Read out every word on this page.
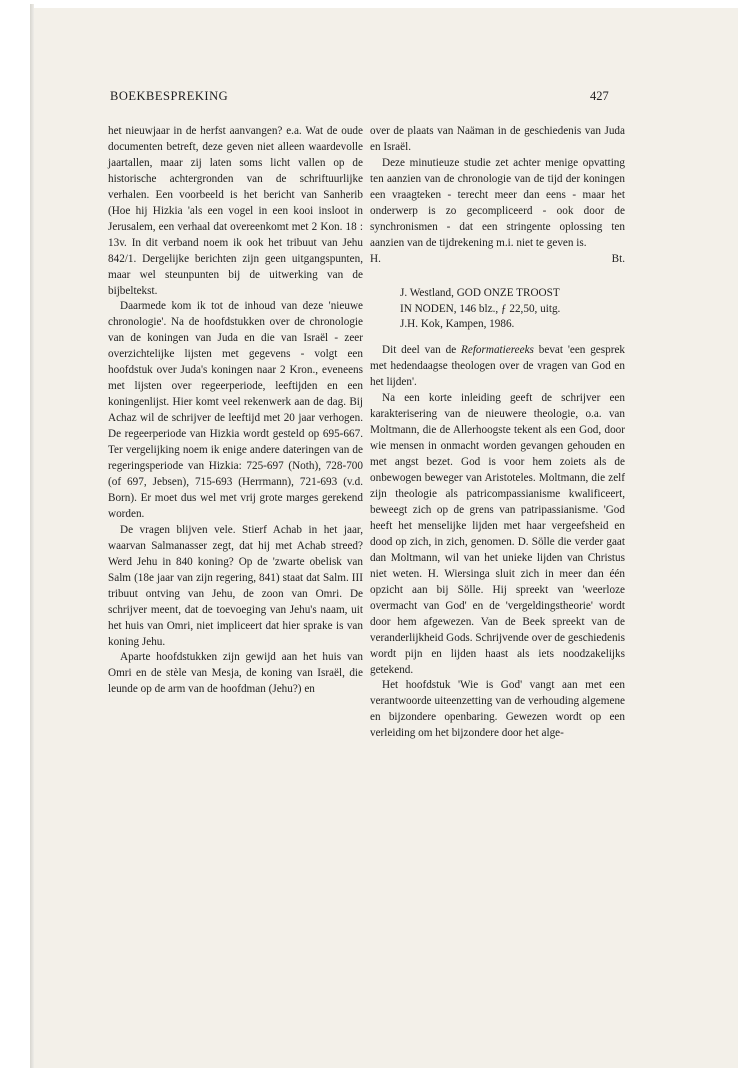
BOEKBESPREKING	427

het nieuwjaar in de herfst aanvangen? e.a. Wat de oude documenten betreft, deze geven niet alleen waardevolle jaartallen, maar zij laten soms licht vallen op de historische achtergronden van de schriftuurlijke verhalen. Een voorbeeld is het bericht van Sanherib (Hoe hij Hizkia 'als een vogel in een kooi insloot in Jerusalem, een verhaal dat overeenkomt met 2 Kon. 18 : 13v. In dit verband noem ik ook het tribuut van Jehu 842/1. Dergelijke berichten zijn geen uitgangspunten, maar wel steunpunten bij de uitwerking van de bijbeltekst.

Daarmede kom ik tot de inhoud van deze 'nieuwe chronologie'. Na de hoofdstukken over de chronologie van de koningen van Juda en die van Israël - zeer overzichtelijke lijsten met gegevens - volgt een hoofdstuk over Juda's koningen naar 2 Kron., eveneens met lijsten over regeerperiode, leeftijden en een koningenlijst. Hier komt veel rekenwerk aan de dag. Bij Achaz wil de schrijver de leeftijd met 20 jaar verhogen. De regeerperiode van Hizkia wordt gesteld op 695-667. Ter vergelijking noem ik enige andere dateringen van de regeringsperiode van Hizkia: 725-697 (Noth), 728-700 (of 697, Jebsen), 715-693 (Herrmann), 721-693 (v.d. Born). Er moet dus wel met vrij grote marges gerekend worden.

De vragen blijven vele. Stierf Achab in het jaar, waarvan Salmanasser zegt, dat hij met Achab streed? Werd Jehu in 840 koning? Op de 'zwarte obelisk van Salm (18e jaar van zijn regering, 841) staat dat Salm. III tribuut ontving van Jehu, de zoon van Omri. De schrijver meent, dat de toevoeging van Jehu's naam, uit het huis van Omri, niet impliceert dat hier sprake is van koning Jehu.

Aparte hoofdstukken zijn gewijd aan het huis van Omri en de stèle van Mesja, de koning van Israël, die leunde op de arm van de hoofdman (Jehu?) en

over de plaats van Naäman in de geschiedenis van Juda en Israël.

Deze minutieuze studie zet achter menige opvatting ten aanzien van de chronologie van de tijd der koningen een vraagteken - terecht meer dan eens - maar het onderwerp is zo gecompliceerd - ook door de synchronismen - dat een stringente oplossing ten aanzien van de tijdrekening m.i. niet te geven is.

H.	Bt.

J. Westland, GOD ONZE TROOST
IN NODEN, 146 blz., ƒ 22,50, uitg.
J.H. Kok, Kampen, 1986.

Dit deel van de Reformatiereeks bevat 'een gesprek met hedendaagse theologen over de vragen van God en het lijden'.

Na een korte inleiding geeft de schrijver een karakterisering van de nieuwere theologie, o.a. van Moltmann, die de Allerhoogste tekent als een God, door wie mensen in onmacht worden gevangen gehouden en met angst bezet. God is voor hem zoiets als de onbewogen beweger van Aristoteles. Moltmann, die zelf zijn theologie als patricompassianisme kwalificeert, beweegt zich op de grens van patripassianisme. 'God heeft het menselijke lijden met haar vergeefsheid en dood op zich, in zich, genomen. D. Sölle die verder gaat dan Moltmann, wil van het unieke lijden van Christus niet weten. H. Wiersinga sluit zich in meer dan één opzicht aan bij Sölle. Hij spreekt van 'weerloze overmacht van God' en de 'vergeldingstheorie' wordt door hem afgewezen. Van de Beek spreekt van de veranderlijkheid Gods. Schrijvende over de geschiedenis wordt pijn en lijden haast als iets noodzakelijks getekend.

Het hoofdstuk 'Wie is God' vangt aan met een verantwoorde uiteenzetting van de verhouding algemene en bijzondere openbaring. Gewezen wordt op een verleiding om het bijzondere door het alge-
